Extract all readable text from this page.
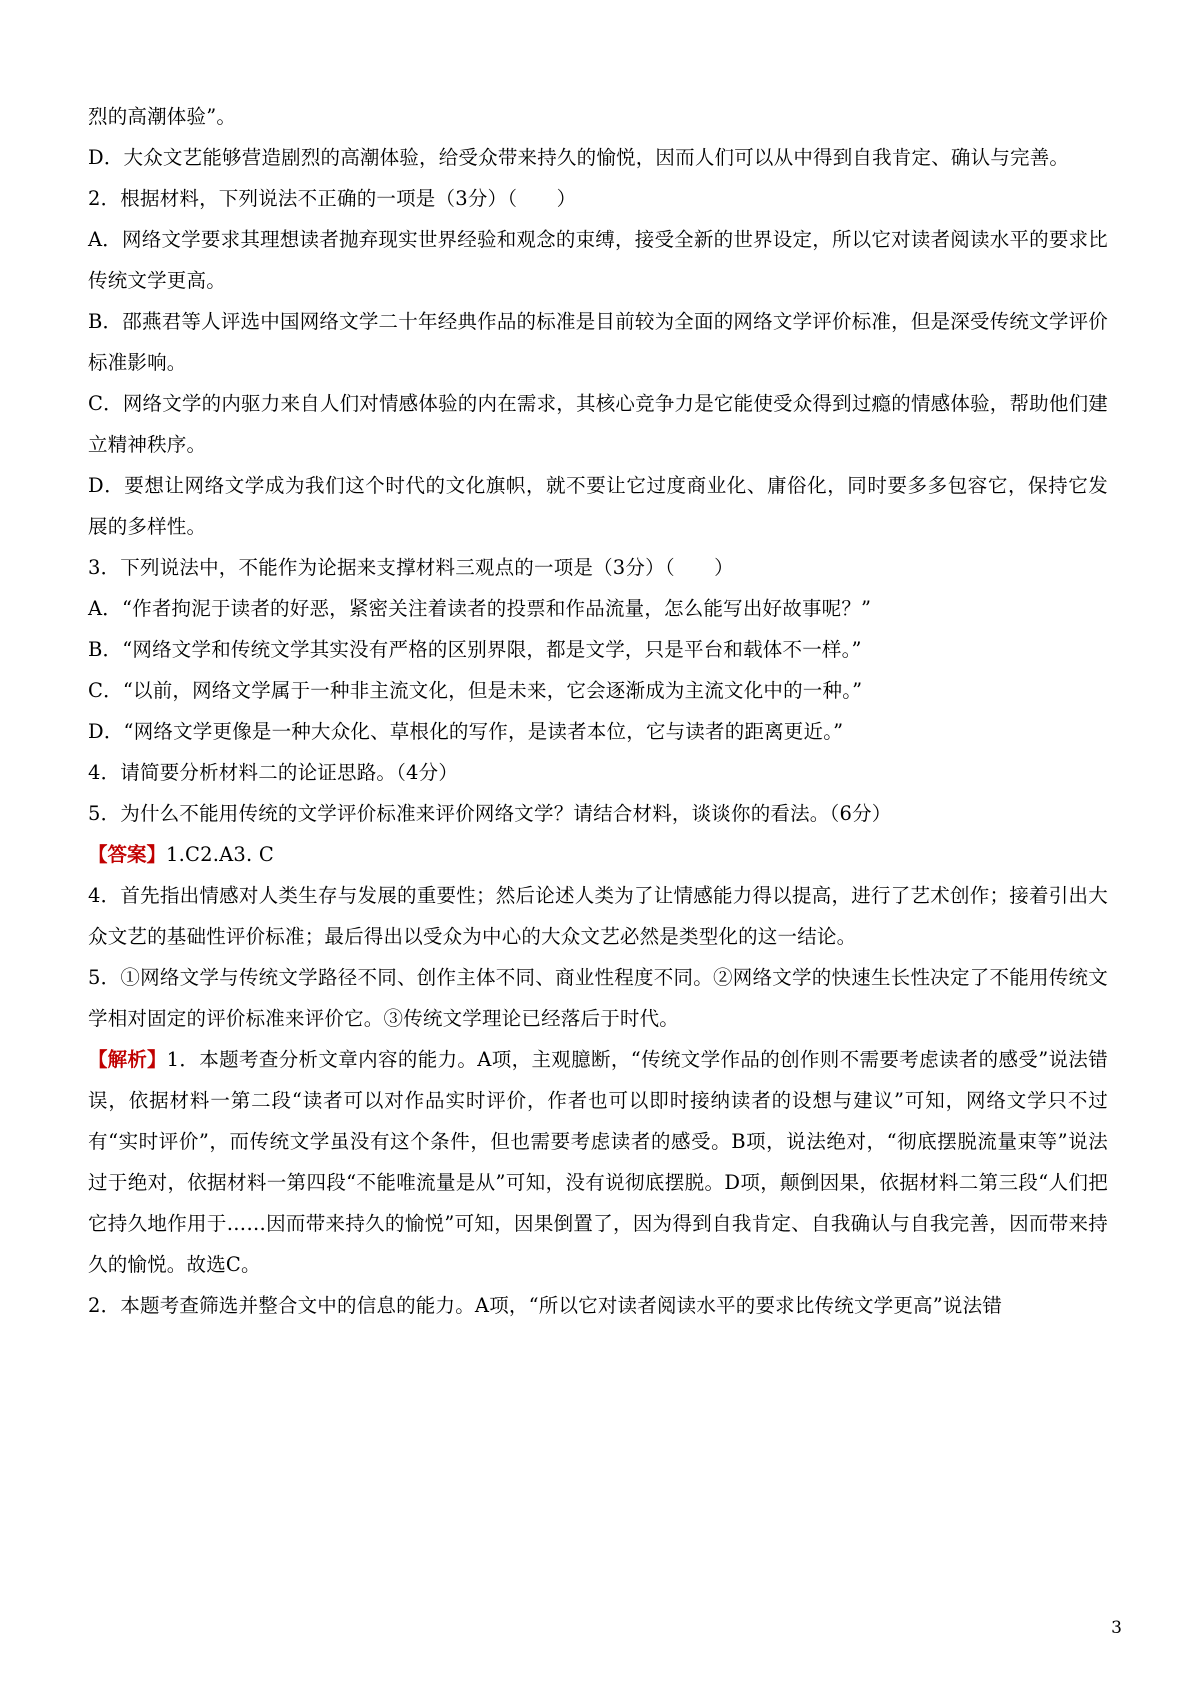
烈的高潮体验”。

D．大众文艺能够营造剧烈的高潮体验，给受众带来持久的愉悦，因而人们可以从中得到自我肯定、确认与完善。

2．根据材料，下列说法不正确的一项是（3分）（　　）

A．网络文学要求其理想读者抛弃现实世界经验和观念的束缚，接受全新的世界设定，所以它对读者阅读水平的要求比传统文学更高。

B．邵燕君等人评选中国网络文学二十年经典作品的标准是目前较为全面的网络文学评价标准，但是深受传统文学评价标准影响。

C．网络文学的内驱力来自人们对情感体验的内在需求，其核心竞争力是它能使受众得到过瘾的情感体验，帮助他们建立精神秩序。

D．要想让网络文学成为我们这个时代的文化旗帜，就不要让它过度商业化、庸俗化，同时要多多包容它，保持它发展的多样性。

3．下列说法中，不能作为论据来支撑材料三观点的一项是（3分）（　　）

A．“作者拘泥于读者的好恶，紧密关注着读者的投票和作品流量，怎么能写出好故事呢？”

B．“网络文学和传统文学其实没有严格的区别界限，都是文学，只是平台和载体不一样。”

C．“以前，网络文学属于一种非主流文化，但是未来，它会逐渐成为主流文化中的一种。”

D．“网络文学更像是一种大众化、草根化的写作，是读者本位，它与读者的距离更近。”

4．请简要分析材料二的论证思路。（4分）

5．为什么不能用传统的文学评价标准来评价网络文学？请结合材料，谈谈你的看法。（6分）

【答案】1.C2.A3. C

4．首先指出情感对人类生存与发展的重要性；然后论述人类为了让情感能力得以提高，进行了艺术创作；接着引出大众文艺的基础性评价标准；最后得出以受众为中心的大众文艺必然是类型化的这一结论。

5．①网络文学与传统文学路径不同、创作主体不同、商业性程度不同。②网络文学的快速生长性决定了不能用传统文学相对固定的评价标准来评价它。③传统文学理论已经落后于时代。

【解析】1．本题考查分析文章内容的能力。A项，主观臆断，“传统文学作品的创作则不需要考虑读者的感受”说法错误，依据材料一第二段“读者可以对作品实时评价，作者也可以即时接纳读者的设想与建议”可知，网络文学只不过有“实时评价”，而传统文学虽没有这个条件，但也需要考虑读者的感受。B项，说法绝对，“彻底摆脱流量束等”说法过于绝对，依据材料一第四段“不能唯流量是从”可知，没有说彻底摆脱。D项，颠倒因果，依据材料二第三段“人们把它持久地作用于……因而带来持久的愉悦”可知，因果倒置了，因为得到自我肯定、自我确认与自我完善，因而带来持久的愉悦。故选C。

2．本题考查筛选并整合文中的信息的能力。A项，“所以它对读者阅读水平的要求比传统文学更高”说法错

3
